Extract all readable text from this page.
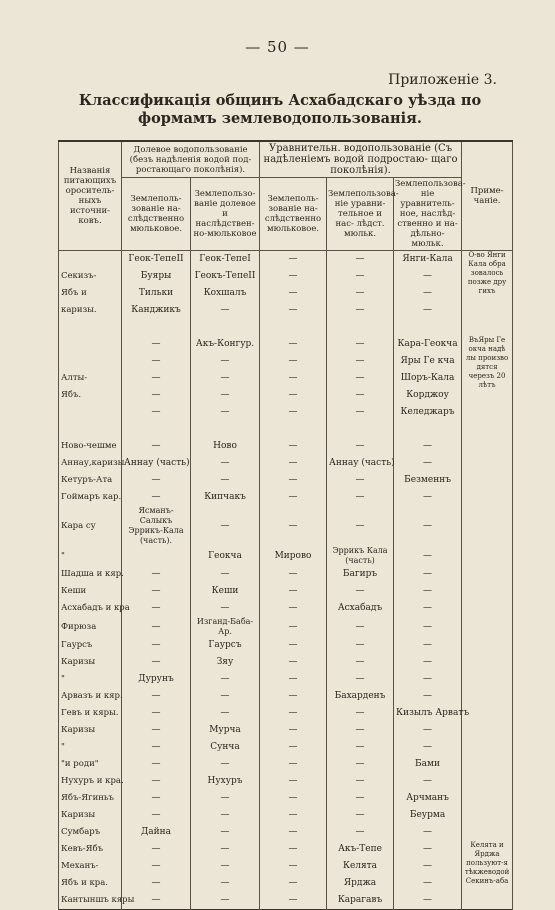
— 50 —
Приложенiе 3.
Классификацiя общинъ Асхабадскаго уѣзда по формамъ землеводопользованiя.
Названiя питающихъ ороситель- ныхъ источни- ковъ.	Долевое водопользованiе (безъ надѣленiя водой под- ростающаго поколѣнiя).		Уравнительн. водопользованiе (Съ надѣленiемъ водой подростаю- щаго поколѣнiя).			Приме- чанiе.
	Землеполь- зованiе на- слѣдственно мюльковое.	Землепользо- ванiе долевое и наслѣдствен- но-мюльковое	Землеполь- зованiе на- слѣдственно мюльковое.	Землепользова- нiе уравни- тельное и нас- лѣдст. мюльк.	Землепользова- нiе уравнитель- ное, наслѣд- ственно и на- дѣльно-мюльк.	
	Геок-ТепеII	Геок-ТепеI	—	—	Янги-Кала	О-во Янги Кала обра зовалось позже дру гихъ
Секизъ-	Буяры	Геокъ-ТепеII	—	—	—	
Ябъ и	Тильки	Кохшалъ	—	—	—	
каризы.	Канджикъ	—	—	—	—	

	—	Акъ-Конгур.	—	—	Кара-Геокча	ВъЯры Ге окча надѣ лы произво дятся черезъ 20 лѣтъ
	—	—	—	—	Яры Ге кча	
Алты-	—	—	—	—	Шоръ-Кала	
Ябъ.	—	—	—	—	Корджоу	
	—	—	—	—	Келеджаръ	

Ново-чешме	—	Ново	—	—	—	
Аннау,каризы	Аннау (часть)	—	—	Аннау (часть)	—	
Кетуръ-Ата	—	—	—	—	Безменнъ	
Гоймаръ кар.	—	Кипчакъ	—	—	—	
Кара су	Ясманъ-Салыкъ Эррикъ-Кала (часть).	—	—	—	—	
"		Геокча	Мирово	Эррикъ Кала (часть)	—	
Шадша и кяр.	—	—	—	Багиръ	—	
Кеши	—	Кеши	—	—	—	
Асхабадъ и кра	—	—	—	Асхабадъ	—	
Фирюза	—	Изганд-Баба-Ар.	—	—	—	
Гаурсъ	—	Гаурсъ	—	—	—	
Каризы	—	Зяу	—	—	—	
"	Дурунъ	—	—	—	—	
Арвазъ и кяр.	—	—	—	Бахарденъ	—	
Гевъ и кяры.	—	—	—	—	Кизылъ Арватъ	
Каризы	—	Мурча	—	—	—	
"	—	Сунча	—	—	—	
"и роди"	—	—	—	—	Бами	
Нухуръ и кра.	—	Нухуръ	—	—	—	
Ябъ-Ягиньъ	—	—	—	—	Арчманъ	
Каризы	—	—	—	—	Бeурма	
Сумбаръ	Дайна	—	—	—	—	
Кевъ-Ябъ	—	—	—	Акъ-Тепе	—	Келята и Ярджа пользуют-я тѣкжеводой Секинъ-аба
Механъ-	—	—	—	Келята	—	
Ябъ и кра.	—	—	—	Ярджа	—	
Кантыншъ кяры	—	—	—	Карагавъ	—	
